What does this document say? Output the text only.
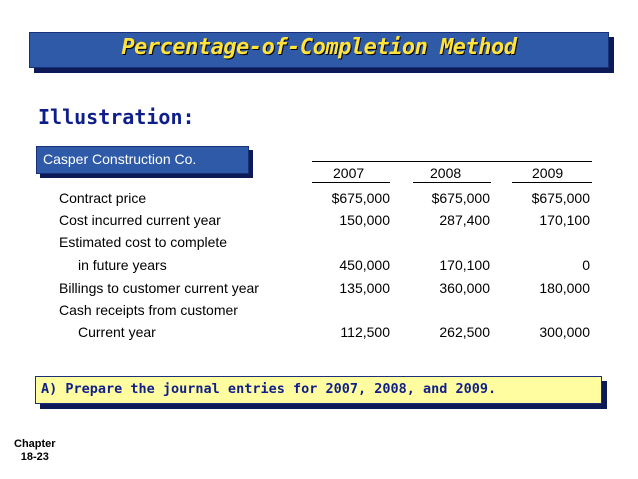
Percentage-of-Completion Method
Illustration:
Casper Construction Co.
2007	2008	2009
Contract price	$675,000	$675,000	$675,000
Cost incurred current year	150,000	287,400	170,100
Estimated cost to complete
in future years	450,000	170,100	0
Billings to customer current year	135,000	360,000	180,000
Cash receipts from customer
Current year	112,500	262,500	300,000
A) Prepare the journal entries for 2007, 2008, and 2009.
Chapter
18-23
